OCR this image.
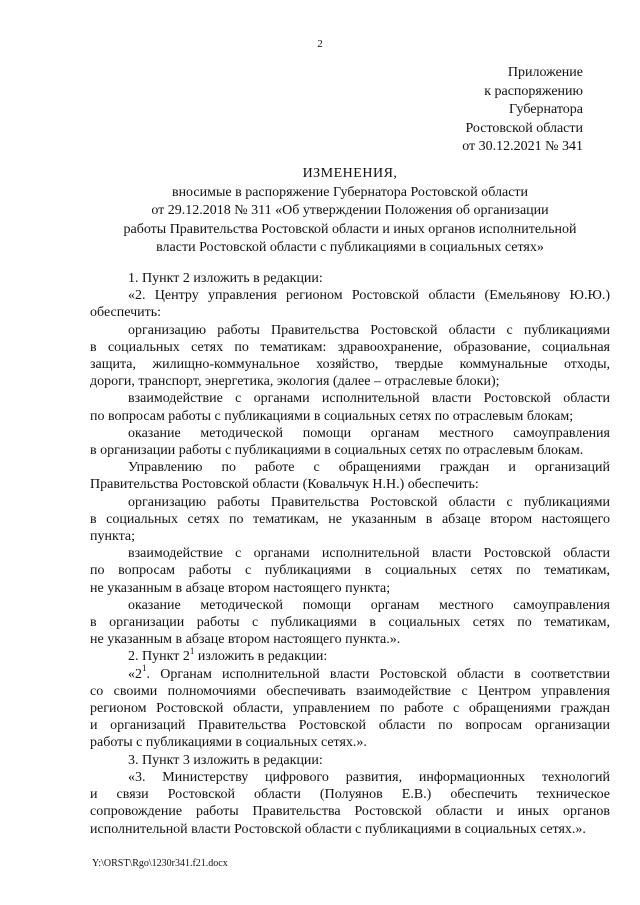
2
Приложение
к распоряжению
Губернатора
Ростовской области
от 30.12.2021 № 341
ИЗМЕНЕНИЯ,
вносимые в распоряжение Губернатора Ростовской области
от 29.12.2018 № 311 «Об утверждении Положения об организации
работы Правительства Ростовской области и иных органов исполнительной
власти Ростовской области с публикациями в социальных сетях»
1. Пункт 2 изложить в редакции:
«2. Центру управления регионом Ростовской области (Емельянову Ю.Ю.)
обеспечить:
организацию работы Правительства Ростовской области с публикациями
в социальных сетях по тематикам: здравоохранение, образование, социальная
защита, жилищно-коммунальное хозяйство, твердые коммунальные отходы,
дороги, транспорт, энергетика, экология (далее – отраслевые блоки);
взаимодействие с органами исполнительной власти Ростовской области
по вопросам работы с публикациями в социальных сетях по отраслевым блокам;
оказание методической помощи органам местного самоуправления
в организации работы с публикациями в социальных сетях по отраслевым блокам.
Управлению по работе с обращениями граждан и организаций
Правительства Ростовской области (Ковальчук Н.Н.) обеспечить:
организацию работы Правительства Ростовской области с публикациями
в социальных сетях по тематикам, не указанным в абзаце втором настоящего
пункта;
взаимодействие с органами исполнительной власти Ростовской области
по вопросам работы с публикациями в социальных сетях по тематикам,
не указанным в абзаце втором настоящего пункта;
оказание методической помощи органам местного самоуправления
в организации работы с публикациями в социальных сетях по тематикам,
не указанным в абзаце втором настоящего пункта.».
2. Пункт $2^1$ изложить в редакции:
«$2^1$. Органам исполнительной власти Ростовской области в соответствии
со своими полномочиями обеспечивать взаимодействие с Центром управления
регионом Ростовской области, управлением по работе с обращениями граждан
и организаций Правительства Ростовской области по вопросам организации
работы с публикациями в социальных сетях.».
3. Пункт 3 изложить в редакции:
«3. Министерству цифрового развития, информационных технологий
и связи Ростовской области (Полуянов Е.В.) обеспечить техническое
сопровождение работы Правительства Ростовской области и иных органов
исполнительной власти Ростовской области с публикациями в социальных сетях.».
Y:\ORST\Rgo\1230r341.f21.docx
